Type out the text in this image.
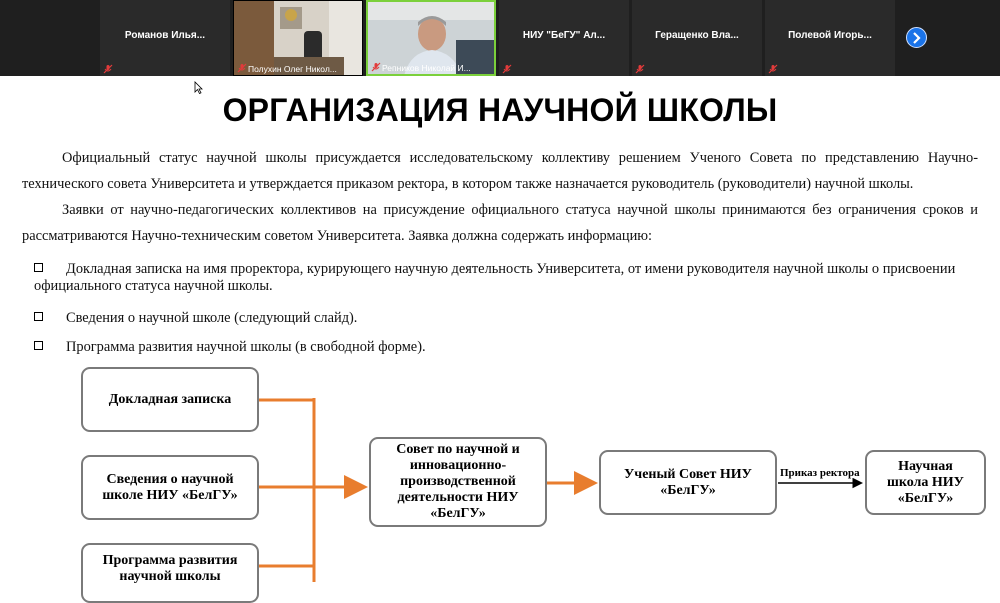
Романов Илья...
Полухин Олег Никол...	Репников Николай И...
НИУ "БеГУ" Ал...	Геращенко Вла...	Полевой Игорь...
ОРГАНИЗАЦИЯ НАУЧНОЙ ШКОЛЫ

Официальный статус научной школы присуждается исследовательскому коллективу решением Ученого Совета по представлению Научно-технического совета Университета и утверждается приказом ректора, в котором также назначается руководитель (руководители) научной школы.

Заявки от научно-педагогических коллективов на присуждение официального статуса научной школы принимаются без ограничения сроков и рассматриваются Научно-техническим советом Университета. Заявка должна содержать информацию:

Докладная записка на имя проректора, курирующего научную деятельность Университета, от имени руководителя научной школы о присвоении официального статуса научной школы.
Сведения о научной школе (следующий слайд).
Программа развития научной школы (в свободной форме).
Докладная записка
Сведения о научной школе НИУ «БелГУ»
Программа развития научной школы
Совет по научной и инновационно-производственной деятельности НИУ «БелГУ»
Ученый Совет НИУ «БелГУ»
Приказ ректора	Научная школа НИУ «БелГУ»
